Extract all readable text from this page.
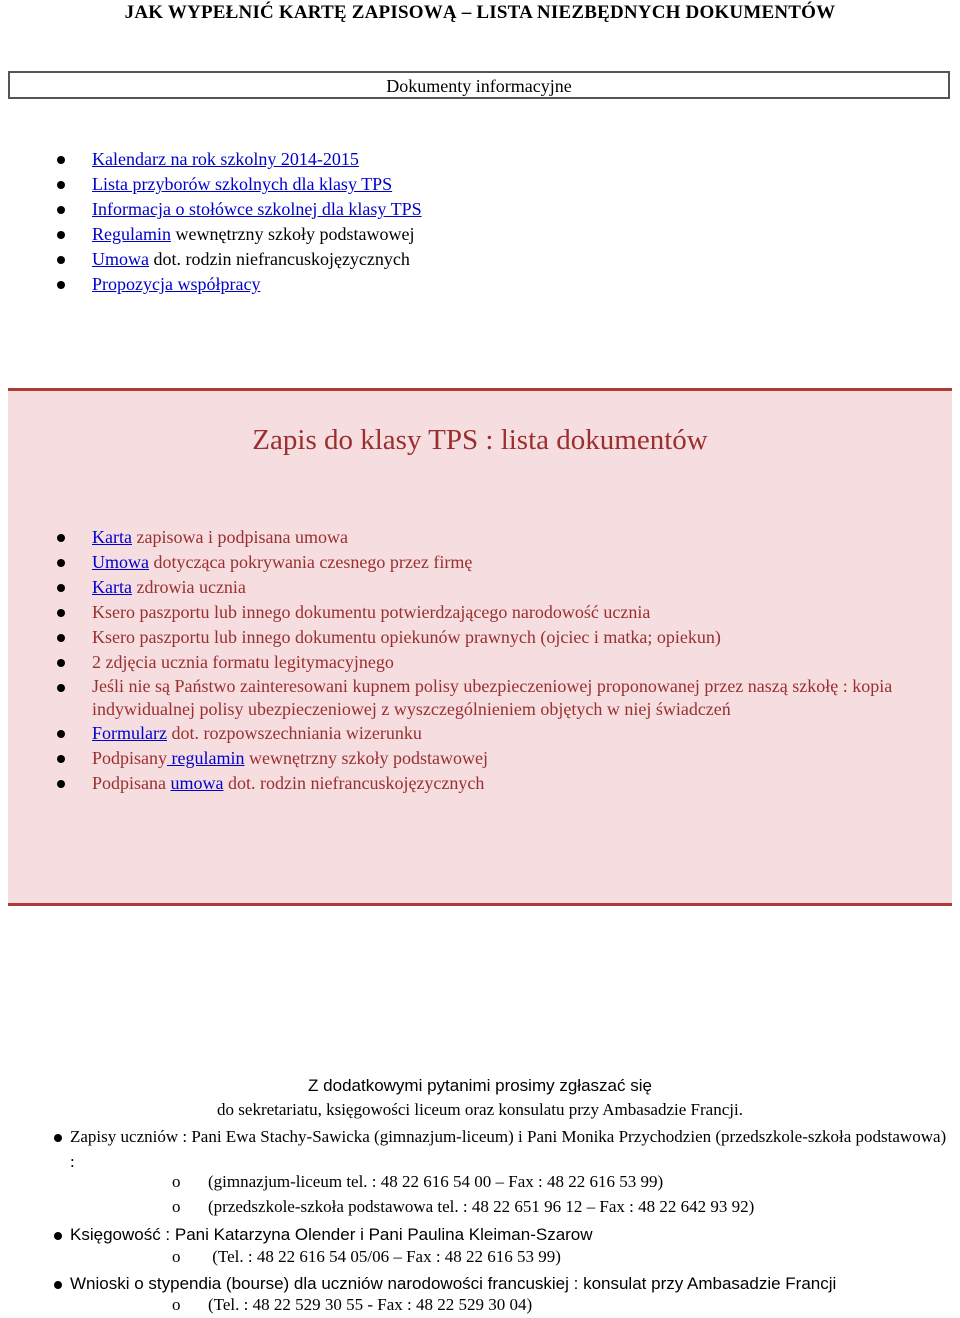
JAK WYPEŁNIĆ KARTĘ ZAPISOWĄ – LISTA NIEZBĘDNYCH DOKUMENTÓW
Dokumenty informacyjne
Kalendarz na rok szkolny 2014-2015
Lista przyborów szkolnych dla klasy TPS
Informacja o stołówce szkolnej dla klasy TPS
Regulamin wewnętrzny szkoły podstawowej
Umowa dot. rodzin niefrancuskojęzycznych
Propozycja współpracy
Zapis do klasy TPS : lista dokumentów
Karta zapisowa i podpisana umowa
Umowa dotycząca pokrywania czesnego przez firmę
Karta zdrowia ucznia
Ksero paszportu lub innego dokumentu potwierdzającego narodowość ucznia
Ksero paszportu lub innego dokumentu opiekunów prawnych (ojciec i matka; opiekun)
2 zdjęcia ucznia formatu legitymacyjnego
Jeśli nie są Państwo zainteresowani kupnem polisy ubezpieczeniowej proponowanej przez naszą szkołę : kopia indywidualnej polisy ubezpieczeniowej z wyszczególnieniem objętych w niej świadczeń
Formularz dot. rozpowszechniania wizerunku
Podpisany regulamin wewnętrzny szkoły podstawowej
Podpisana umowa dot. rodzin niefrancuskojęzycznych
Z dodatkowymi pytanimi prosimy zgłaszać się
do sekretariatu, księgowości liceum oraz konsulatu przy Ambasadzie Francji.
Zapisy uczniów : Pani Ewa Stachy-Sawicka (gimnazjum-liceum) i Pani Monika Przychodzien (przedszkole-szkoła podstawowa) :
o (gimnazjum-liceum tel. : 48 22 616 54 00 – Fax : 48 22 616 53 99)
o (przedszkole-szkoła podstawowa tel. : 48 22 651 96 12 – Fax : 48 22 642 93 92)
Księgowość : Pani Katarzyna Olender i Pani Paulina Kleiman-Szarow
o (Tel. : 48 22 616 54 05/06 – Fax : 48 22 616 53 99)
Wnioski o stypendia (bourse) dla uczniów narodowości francuskiej : konsulat przy Ambasadzie Francji
o (Tel. : 48 22 529 30 55 - Fax : 48 22 529 30 04)
